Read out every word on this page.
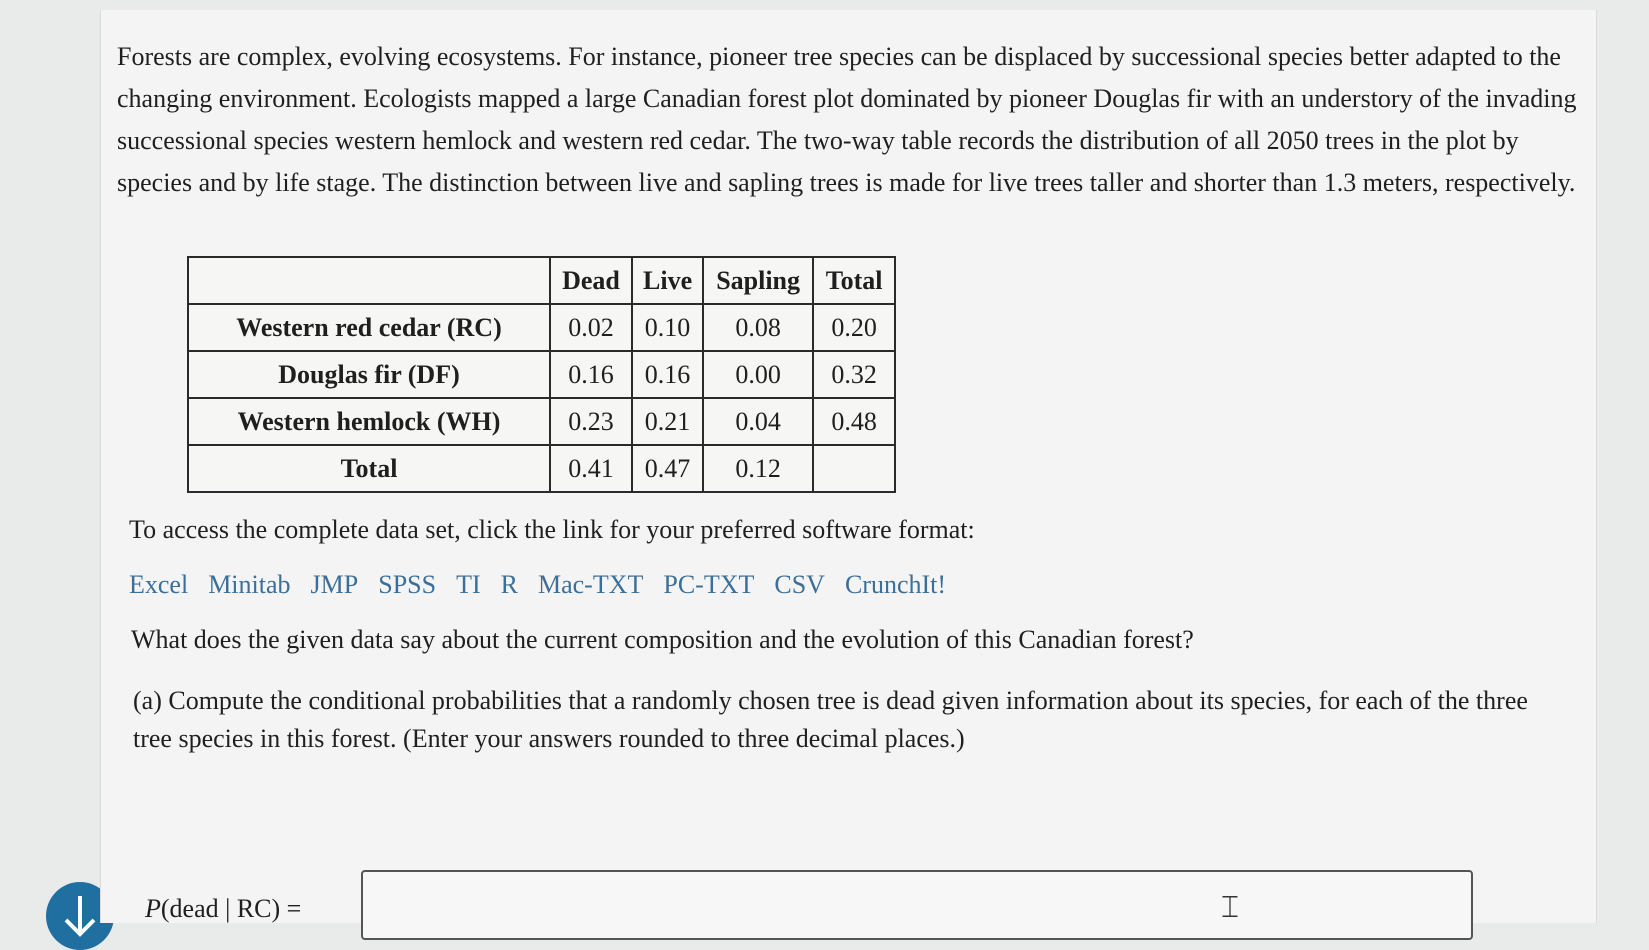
Forests are complex, evolving ecosystems. For instance, pioneer tree species can be displaced by successional species better adapted to the changing environment. Ecologists mapped a large Canadian forest plot dominated by pioneer Douglas fir with an understory of the invading successional species western hemlock and western red cedar. The two-way table records the distribution of all 2050 trees in the plot by species and by life stage. The distinction between live and sapling trees is made for live trees taller and shorter than 1.3 meters, respectively.

	Dead	Live	Sapling	Total
Western red cedar (RC)	0.02	0.10	0.08	0.20
Douglas fir (DF)	0.16	0.16	0.00	0.32
Western hemlock (WH)	0.23	0.21	0.04	0.48
Total	0.41	0.47	0.12	

To access the complete data set, click the link for your preferred software format:

Excel Minitab JMP SPSS TI R Mac-TXT PC-TXT CSV CrunchIt!

What does the given data say about the current composition and the evolution of this Canadian forest?

(a) Compute the conditional probabilities that a randomly chosen tree is dead given information about its species, for each of the three tree species in this forest. (Enter your answers rounded to three decimal places.)

P(dead | RC) =	⌶
